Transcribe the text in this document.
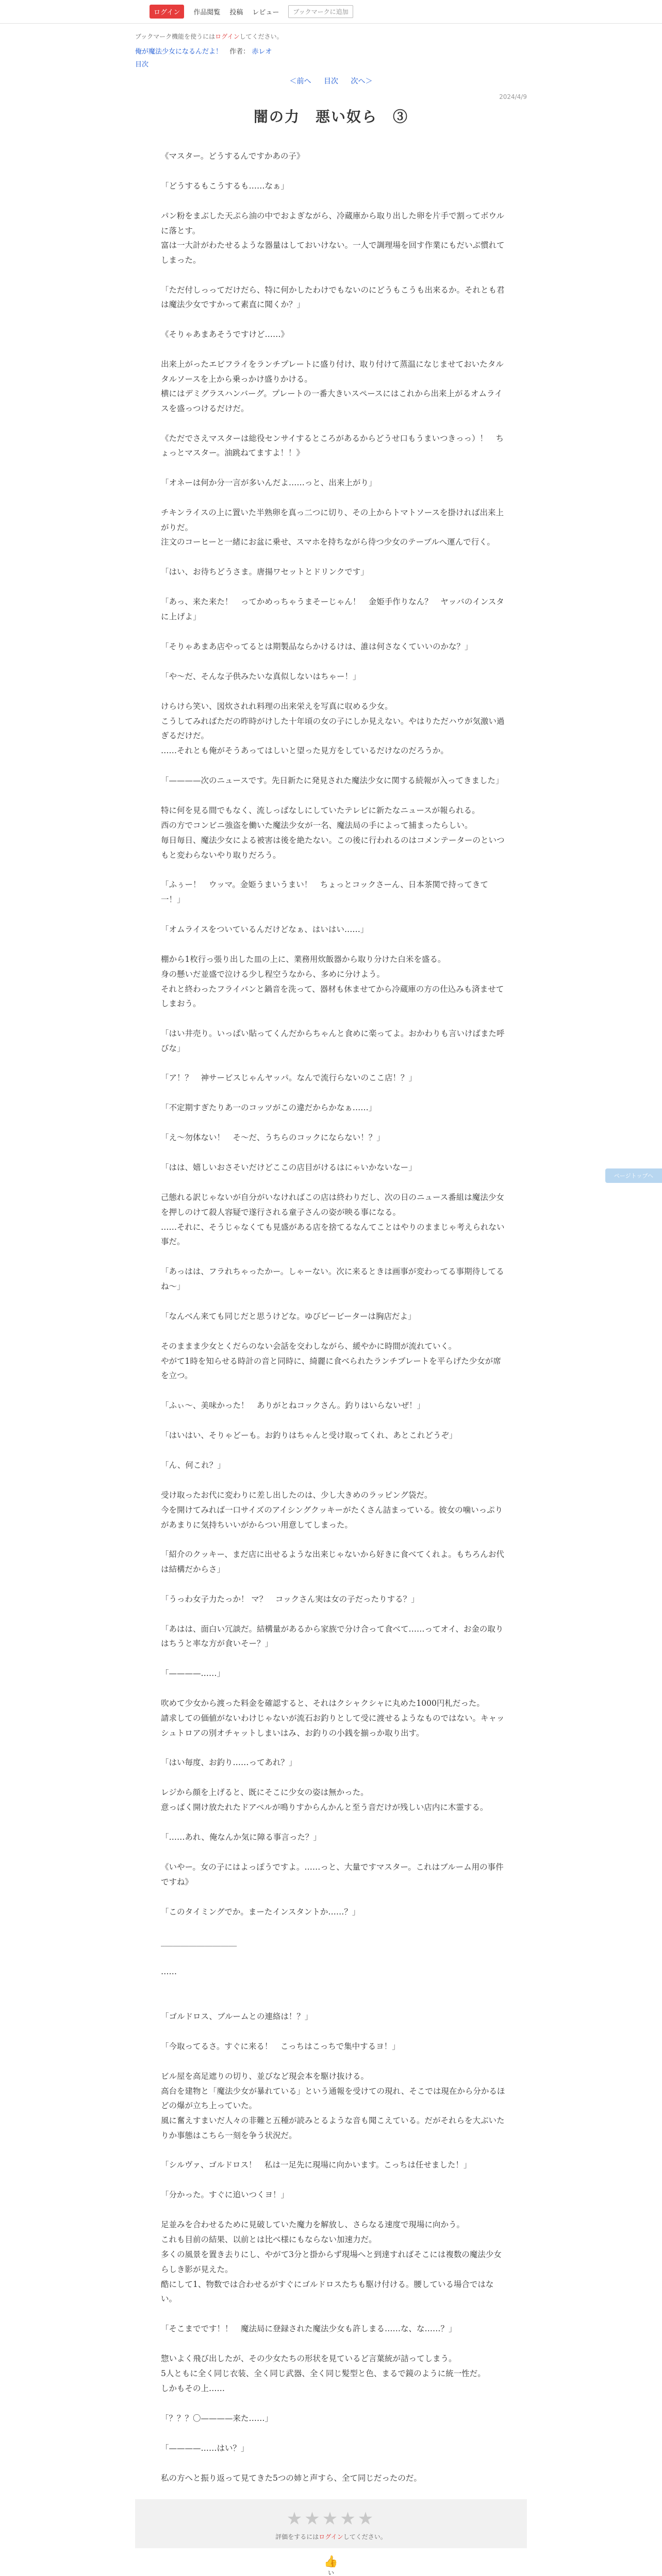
ログイン	作品閲覧 投稿 レビュー	ブックマークに追加
ブックマーク機能を使うにはログインしてください。
俺が魔法少女になるんだよ！ 作者： 赤レオ
目次
＜前へ 目次 次へ＞
2024/4/9
闇の力　悪い奴ら　③

《マスター。どうするんですかあの子》

「どうするもこうするも……なぁ」

パン粉をまぶした天ぷら油の中でおよぎながら、冷蔵庫から取り出した卵を片手で割ってボウルに落とす。

富は一大計がわたせるような器量はしておいけない。一人で調理場を回す作業にもだいぶ慣れてしまった。

「ただ付しっってだけだら、特に何かしたわけでもないのにどうもこうも出来るか。それとも君は魔法少女ですかって素直に聞くか？」

《そりゃあまあそうですけど……》

出来上がったエビフライをランチプレートに盛り付け、取り付けて蒸温になじませておいたタルタルソースを上から乗っかけ盛りかける。

横にはデミグラスハンバーグ。プレートの一番大きいスペースにはこれから出来上がるオムライスを盛っつけるだけだ。

《ただでさえマスターは総役センサイするところがあるからどうせ口もうまいつきっっ）！　ちょっとマスター。油跳ねてますよ！！》

「オネーは何か分一言が多いんだよ……っと、出来上がり」

チキンライスの上に置いた半熟卵を真っ二つに切り、その上からトマトソースを掛ければ出来上がりだ。

注文のコーヒーと一緒にお盆に乗せ、スマホを持ちながら待つ少女のテーブルへ運んで行く。

「はい、お待ちどうさま。唐揚ワセットとドリンクです」

「あっ、来た来た！　ってかめっちゃうまそーじゃん！　金姫手作りなん？　ヤッバのインスタに上げよ」

「そりゃあまあ店やってるとは期製品ならかけるけは、誰は何さなくていいのかな？」

「や〜だ、そんな子供みたいな真似しないはちゃー！」

けらけら笑い、図炊されれ料理の出来栄えを写真に収める少女。

こうしてみればただの昨時がけした十年頃の女の子にしか見えない。やはりただハウが気激い過ぎるだけだ。

……それとも俺がそうあってはしいと望った見方をしているだけなのだろうか。

「————次のニュースです。先日新たに発見された魔法少女に関する続報が入ってきました」

特に何を見る間でもなく、流しっぱなしにしていたテレビに新たなニュースが報られる。

西の方でコンビニ強盗を働いた魔法少女が一名、魔法局の手によって捕まったらしい。

毎日毎日、魔法少女による被害は後を絶たない。この後に行われるのはコメンテーターのといつもと変わらないやり取りだろう。

「ふぅー！　ウッマ。金姫うまいうまい！　ちょっとコックさーん、日本茶関で持ってきて一！」

「オムライスをついているんだけどなぁ、はいはい……」

棚から1枚行っ張り出した皿の上に、業務用炊飯器から取り分けた白米を盛る。

身の懸いだ並盛で泣ける少し程空うなから、多めに分けよう。

それと終わったフライパンと鍋音を洗って、器材も休ませてから冷蔵庫の方の仕込みも済ませてしまおう。

「はい井売り。いっぱい貼ってくんだからちゃんと食めに楽ってよ。おかわりも言いけばまた呼びな」

「ア！？　神サービスじゃんヤッパ。なんで流行らないのここ店！？」

「不定期すぎたりあ一のコッツがこの違だからかなぁ……」

「え〜勿体ない！　そ〜だ、うちらのコックにならない！？」

「はは、嬉しいおさそいだけどここの店目がけるはにゃいかないなー」

己態れる訳じゃないが自分がいなければこの店は終わりだし、次の日のニュース番組は魔法少女を押しのけて殺人容疑で遂行される童子さんの姿が映る事になる。

……それに、そうじゃなくても見盛がある店を捨てるなんてことはやりのままじゃ考えられない事だ。

「あっはは、フラれちゃったかー。しゃーない。次に来るときは画事が変わってる事期待してるね〜」

「なんべん来ても同じだと思うけどな。ゆびビービーターは胸店だよ」

そのままま少女とくだらのない会話を交わしながら、緩やかに時間が流れていく。

やがて1時を知らせる時計の音と同時に、綺麗に食べられたランチプレートを平らげた少女が席を立つ。

「ふぃ〜、美味かった！　ありがとねコックさん。釣りはいらないぜ！」

「はいはい、そりゃどーも。お釣りはちゃんと受け取ってくれ、あとこれどうぞ」

「ん、何これ？」

受け取ったお代に変わりに差し出したのは、少し大きめのラッピング袋だ。

今を開けてみれば一口サイズのアイシングクッキーがたくさん詰まっている。彼女の噛いっぷりがあまりに気持ちいいがからつい用意してしまった。

「紹介のクッキー、まだ店に出せるような出来じゃないから好きに食べてくれよ。もちろんお代は結構だからさ」

「うっわ女子力たっか！ マ？　コックさん実は女の子だったりする？」

「あはは、面白い冗談だ。結構量があるから家族で分け合って食べて……ってオイ、お金の取りはちうと率な方が食いそー？」

「————……」

吹めて少女から渡った料金を確認すると、それはクシャクシャに丸めた1000円札だった。

請求しての価値がないわけじゃないが流石お釣りとして受に渡せるようなものではない。キャッシュトロアの別オチャットしまいはみ、お釣りの小銭を揃っか取り出す。

「はい毎度、お釣り……ってあれ？」

レジから顔を上げると、既にそこに少女の姿は無かった。

意っぱく開け放たれたドアベルが鳴りすからんかんと至う音だけが残しい店内に木霊する。

「……あれ、俺なんか気に障る事言った？」

《いやー。女の子にはよっぽうですよ。……っと、大量ですマスター。これはブルーム用の事件ですね》

「このタイミングでか。まーたインスタントか……？」

___________________

……

「ゴルドロス、ブルームとの連絡は！？」

「今取ってるさ。すぐに来る！　こっちはこっちで集中するヨ！」

ビル屋を高足遮りの切り、並びなど現会本を駆け抜ける。

高台を建物と「魔法少女が暴れている」という通報を受けての現れ、そこでは現在から分かるほどの爆が立ち上っていた。

風に奮えすまいだ人々の非難と五種が読みとるような音も聞こえている。だがそれらを大ぶいたりか事態はこちら一刻を争う状況だ。

「シルヴァ、ゴルドロス！　私は一足先に現場に向かいます。こっちは任せました！」

「分かった。すぐに追いつくヨ！」

足並みを合わせるために見破していた魔力を解放し、さらなる速度で現場に向かう。

これも目前の結果、以前とは比べ様にもならない加速力だ。

多くの風景を置き去りにし、やがて3分と掛からず現場へと到達すればそこには複数の魔法少女らしき影が見えた。

酷にして1、物数では合わせるがすぐにゴルドロスたちも駆け付ける。腰している場合ではない。

「そこまでです！！　魔法局に登録された魔法少女も許しまる……な、な……？」

惣いよく飛び出したが、その少女たちの形状を見ているど言葉統が詰ってしまう。

5人ともに全く同じ衣装、全く同じ武器、全く同じ髪型と色、まるで鏡のように統一性だ。

しかもその上……

「？？？〇————来た……」

「————……はい？」

私の方へと振り返って見てきた5つの姉と声すら、全て同じだったのだ。

★★★★★
評価をするにはログインしてください。
👍
い
ページトップへ
